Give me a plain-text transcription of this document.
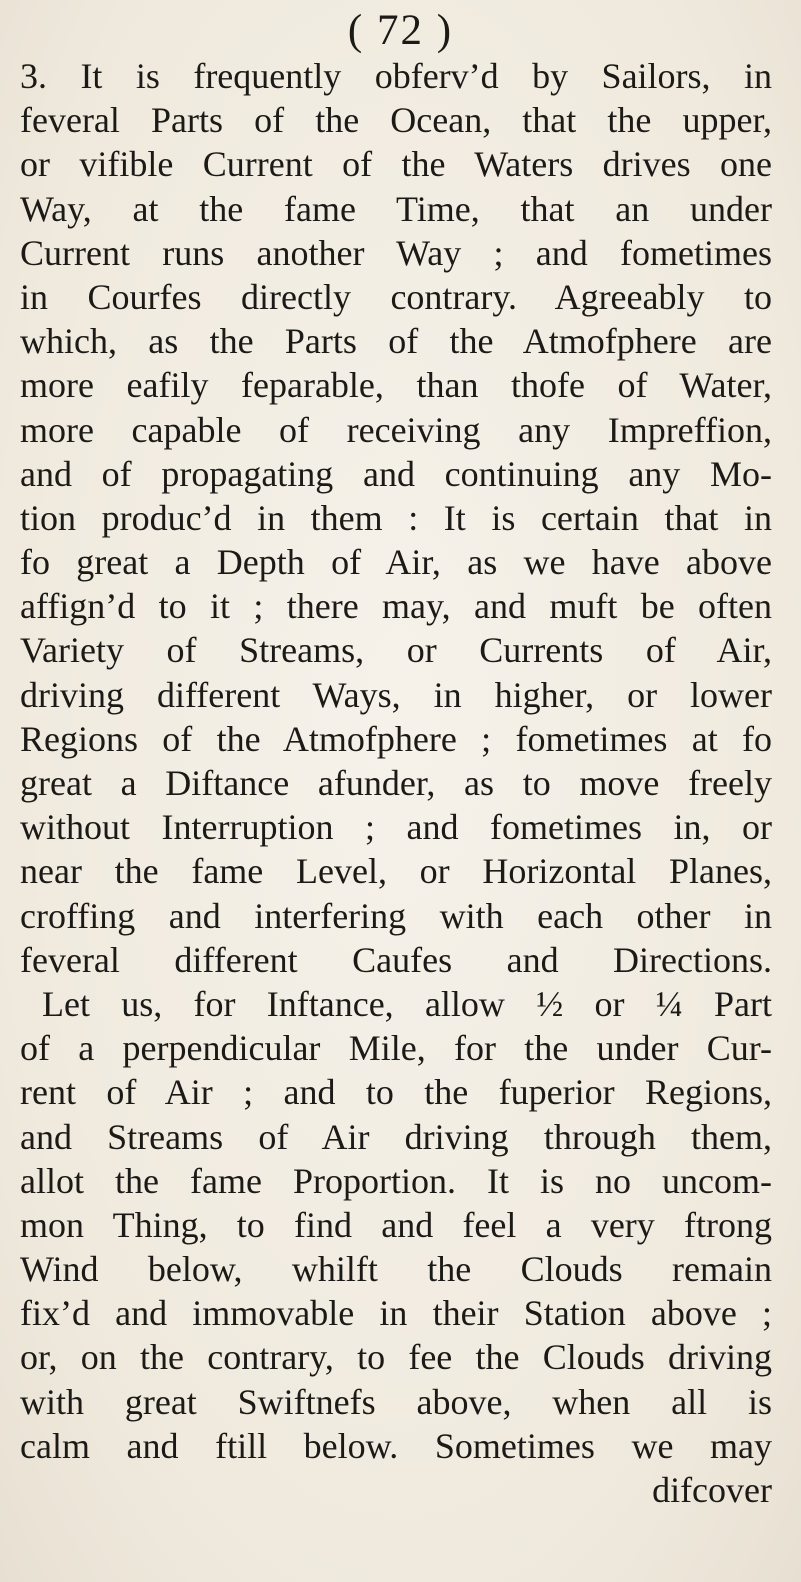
( 72 )
3. It is frequently obferv’d by Sailors, in
feveral Parts of the Ocean, that the upper,
or vifible Current of the Waters drives one
Way, at the fame Time, that an under
Current runs another Way ; and fometimes
in Courfes directly contrary. Agreeably to
which, as the Parts of the Atmofphere are
more eafily feparable, than thofe of Water,
more capable of receiving any Impreffion,
and of propagating and continuing any Mo-
tion produc’d in them : It is certain that in
fo great a Depth of Air, as we have above
affign’d to it ; there may, and muft be often
Variety of Streams, or Currents of Air,
driving different Ways, in higher, or lower
Regions of the Atmofphere ; fometimes at fo
great a Diftance afunder, as to move freely
without Interruption ; and fometimes in, or
near the fame Level, or Horizontal Planes,
croffing and interfering with each other in
feveral different Caufes and Directions.
Let us, for Inftance, allow ½ or ¼ Part
of a perpendicular Mile, for the under Cur-
rent of Air ; and to the fuperior Regions,
and Streams of Air driving through them,
allot the fame Proportion. It is no uncom-
mon Thing, to find and feel a very ftrong
Wind below, whilft the Clouds remain
fix’d and immovable in their Station above ;
or, on the contrary, to fee the Clouds driving
with great Swiftnefs above, when all is
calm and ftill below. Sometimes we may
difcover
